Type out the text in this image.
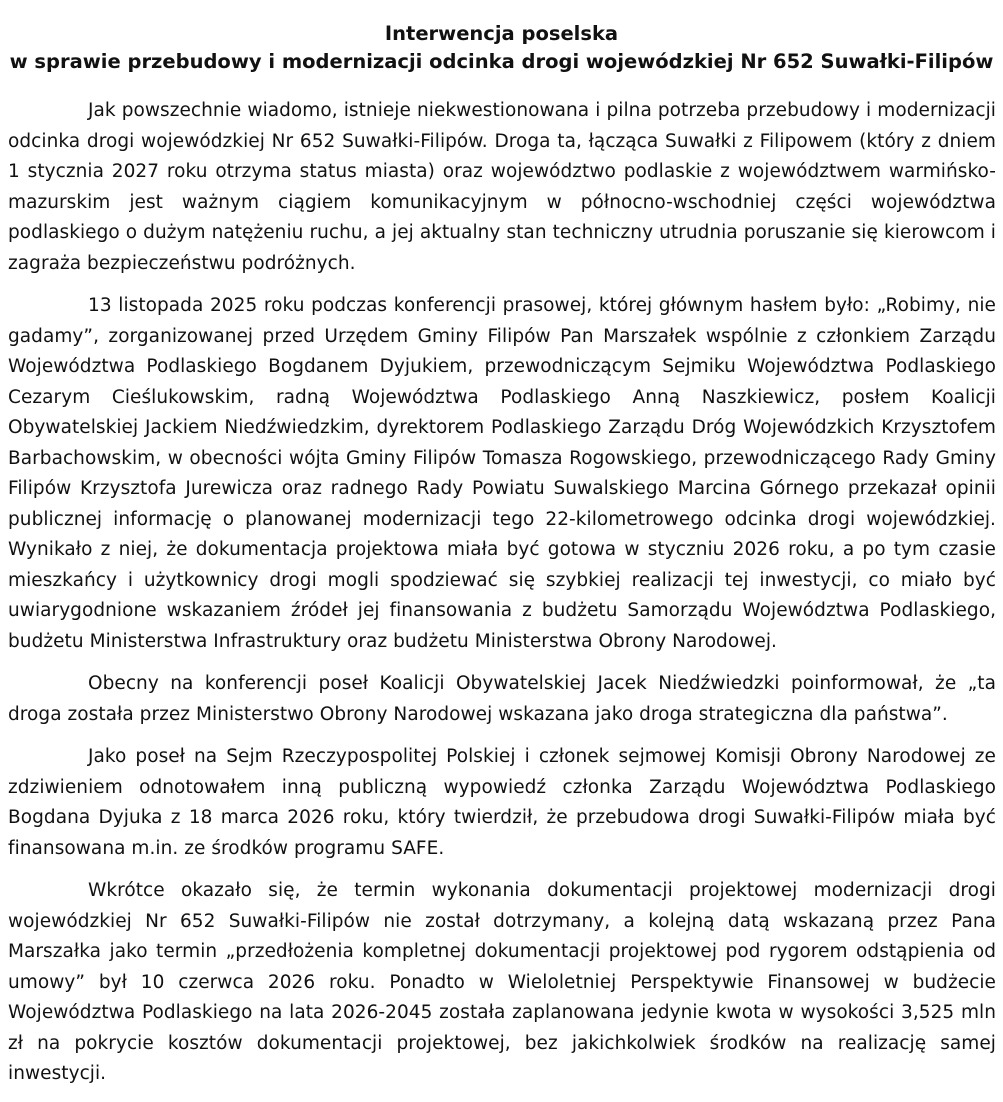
Interwencja poselska
w sprawie przebudowy i modernizacji odcinka drogi wojewódzkiej Nr 652 Suwałki-Filipów

Jak powszechnie wiadomo, istnieje niekwestionowana i pilna potrzeba przebudowy i modernizacji odcinka drogi wojewódzkiej Nr 652 Suwałki-Filipów. Droga ta, łącząca Suwałki z Filipowem (który z dniem 1 stycznia 2027 roku otrzyma status miasta) oraz województwo podlaskie z województwem warmińsko-mazurskim jest ważnym ciągiem komunikacyjnym w północno-wschodniej części województwa podlaskiego o dużym natężeniu ruchu, a jej aktualny stan techniczny utrudnia poruszanie się kierowcom i zagraża bezpieczeństwu podróżnych.

13 listopada 2025 roku podczas konferencji prasowej, której głównym hasłem było: „Robimy, nie gadamy”, zorganizowanej przed Urzędem Gminy Filipów Pan Marszałek wspólnie z członkiem Zarządu Województwa Podlaskiego Bogdanem Dyjukiem, przewodniczącym Sejmiku Województwa Podlaskiego Cezarym Cieślukowskim, radną Województwa Podlaskiego Anną Naszkiewicz, posłem Koalicji Obywatelskiej Jackiem Niedźwiedzkim, dyrektorem Podlaskiego Zarządu Dróg Wojewódzkich Krzysztofem Barbachowskim, w obecności wójta Gminy Filipów Tomasza Rogowskiego, przewodniczącego Rady Gminy Filipów Krzysztofa Jurewicza oraz radnego Rady Powiatu Suwalskiego Marcina Górnego przekazał opinii publicznej informację o planowanej modernizacji tego 22-kilometrowego odcinka drogi wojewódzkiej. Wynikało z niej, że dokumentacja projektowa miała być gotowa w styczniu 2026 roku, a po tym czasie mieszkańcy i użytkownicy drogi mogli spodziewać się szybkiej realizacji tej inwestycji, co miało być uwiarygodnione wskazaniem źródeł jej finansowania z budżetu Samorządu Województwa Podlaskiego, budżetu Ministerstwa Infrastruktury oraz budżetu Ministerstwa Obrony Narodowej.

Obecny na konferencji poseł Koalicji Obywatelskiej Jacek Niedźwiedzki poinformował, że „ta droga została przez Ministerstwo Obrony Narodowej wskazana jako droga strategiczna dla państwa”.

Jako poseł na Sejm Rzeczypospolitej Polskiej i członek sejmowej Komisji Obrony Narodowej ze zdziwieniem odnotowałem inną publiczną wypowiedź członka Zarządu Województwa Podlaskiego Bogdana Dyjuka z 18 marca 2026 roku, który twierdził, że przebudowa drogi Suwałki-Filipów miała być finansowana m.in. ze środków programu SAFE.

Wkrótce okazało się, że termin wykonania dokumentacji projektowej modernizacji drogi wojewódzkiej Nr 652 Suwałki-Filipów nie został dotrzymany, a kolejną datą wskazaną przez Pana Marszałka jako termin „przedłożenia kompletnej dokumentacji projektowej pod rygorem odstąpienia od umowy” był 10 czerwca 2026 roku. Ponadto w Wieloletniej Perspektywie Finansowej w budżecie Województwa Podlaskiego na lata 2026-2045 została zaplanowana jedynie kwota w wysokości 3,525 mln zł na pokrycie kosztów dokumentacji projektowej, bez jakichkolwiek środków na realizację samej inwestycji.
